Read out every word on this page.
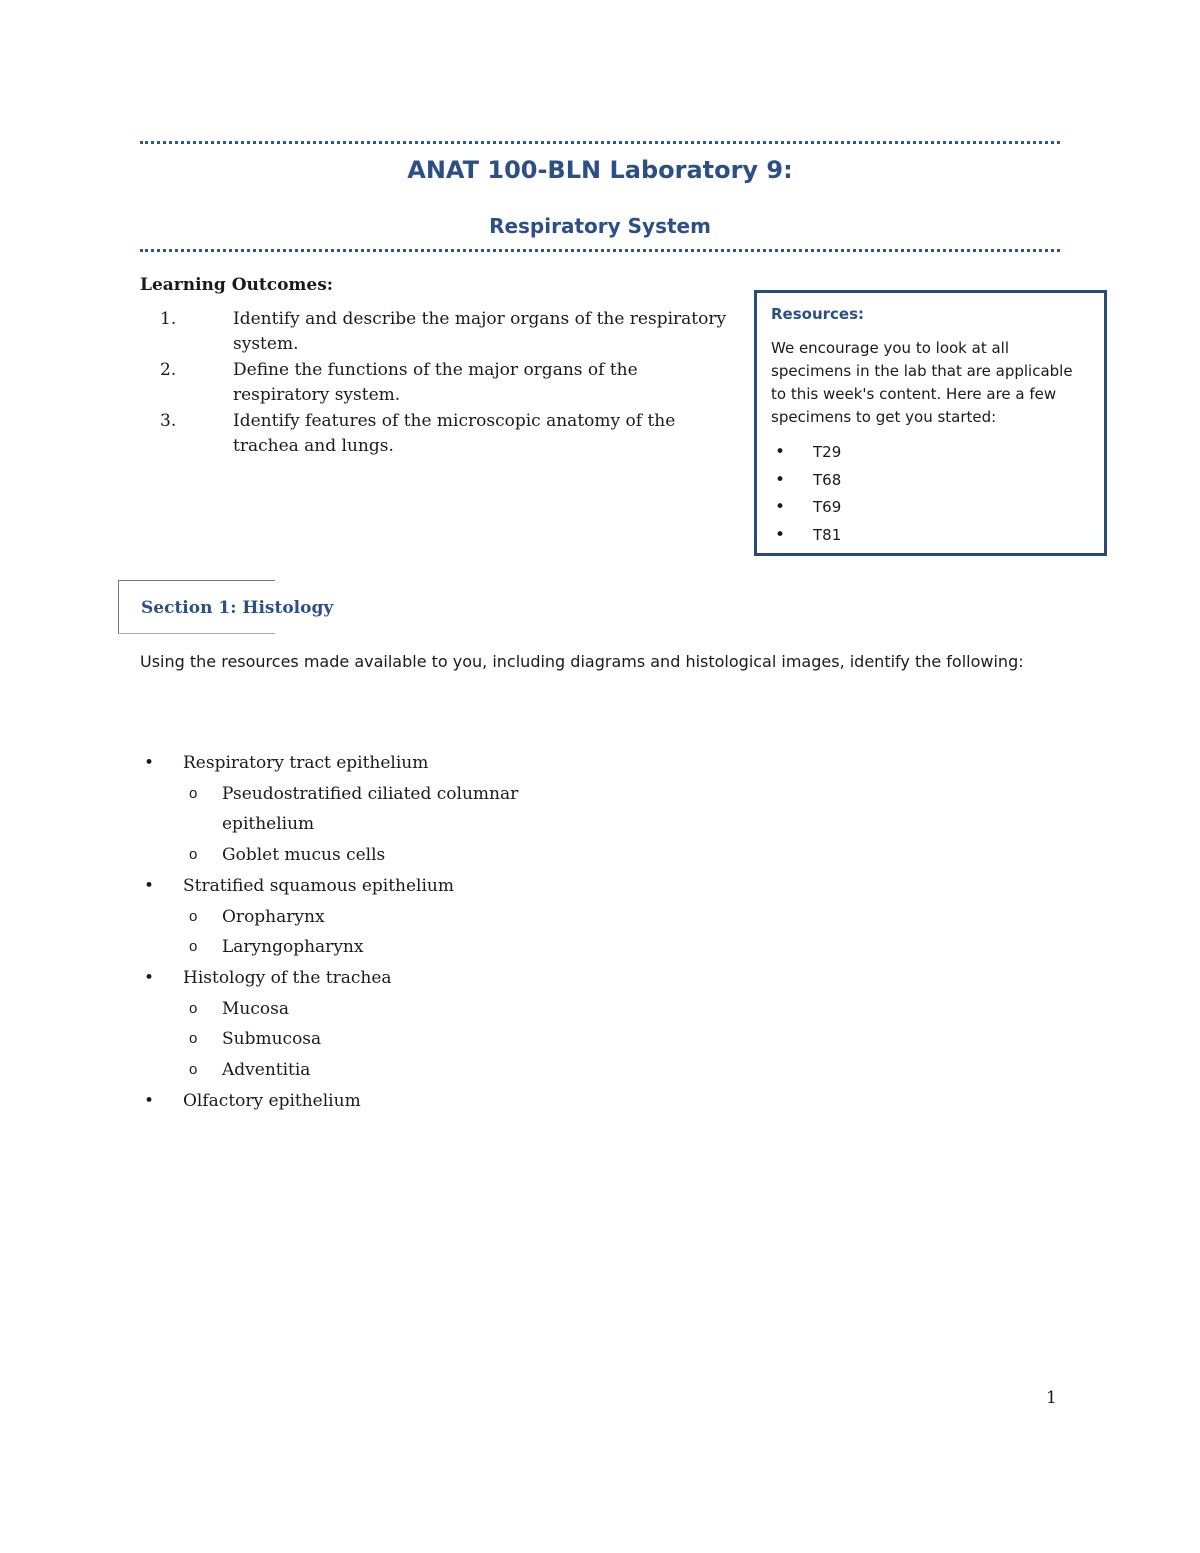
ANAT 100-BLN Laboratory 9:
Respiratory System
Learning Outcomes:
1.	Identify and describe the major organs of the respiratory system.
2.	Define the functions of the major organs of the respiratory system.
3.	Identify features of the microscopic anatomy of the trachea and lungs.

Resources:

We encourage you to look at all specimens in the lab that are applicable to this week's content. Here are a few specimens to get you started:

• T29
• T68
• T69
• T81
Section 1: Histology

Using the resources made available to you, including diagrams and histological images, identify the following:

• Respiratory tract epithelium
o Pseudostratified ciliated columnar epithelium
o Goblet mucus cells
• Stratified squamous epithelium
o Oropharynx
o Laryngopharynx
• Histology of the trachea
o Mucosa
o Submucosa
o Adventitia
• Olfactory epithelium

1
